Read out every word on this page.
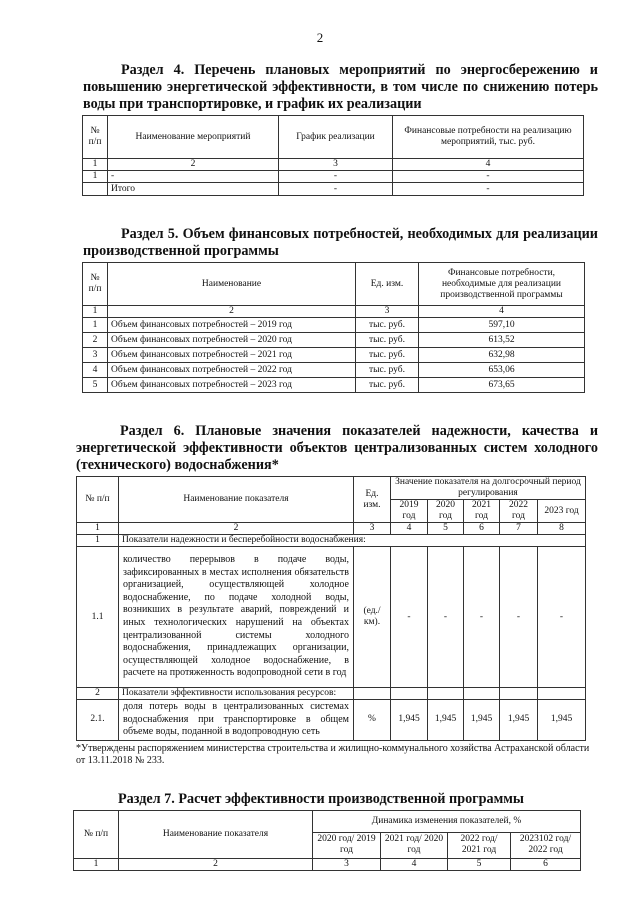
2
Раздел 4. Перечень плановых мероприятий по энергосбережению и повышению энергетической эффективности, в том числе по снижению потерь воды при транспортировке, и график их реализации
№ п/п	Наименование мероприятий	График реализации	Финансовые потребности на реализацию мероприятий, тыс. руб.
1	2	3	4
1	-	-	-
	Итого	-	-
Раздел 5. Объем финансовых потребностей, необходимых для реализации производственной программы
№ п/п	Наименование	Ед. изм.	Финансовые потребности, необходимые для реализации производственной программы
1	2	3	4
1	Объем финансовых потребностей – 2019 год	тыс. руб.	597,10
2	Объем финансовых потребностей – 2020 год	тыс. руб.	613,52
3	Объем финансовых потребностей – 2021 год	тыс. руб.	632,98
4	Объем финансовых потребностей – 2022 год	тыс. руб.	653,06
5	Объем финансовых потребностей – 2023 год	тыс. руб.	673,65
Раздел 6. Плановые значения показателей надежности, качества и энергетической эффективности объектов централизованных систем холодного (технического) водоснабжения*
№ п/п	Наименование показателя	Ед. изм.	Значение показателя на долгосрочный период регулирования				
			2019 год	2020 год	2021 год	2022 год	2023 год
1	2	3	4	5	6	7	8
1	Показатели надежности и бесперебойности водоснабжения:						
1.1	количество перерывов в подаче воды, зафиксированных в местах исполнения обязательств организацией, осуществляющей холодное водоснабжение, по подаче холодной воды, возникших в результате аварий, повреждений и иных технологических нарушений на объектах централизованной системы холодного водоснабжения, принадлежащих организации, осуществляющей холодное водоснабжение, в расчете на протяженность водопроводной сети в год	(ед./ км).	-	-	-	-	-
2	Показатели эффективности использования ресурсов:						
2.1.	доля потерь воды в централизованных системах водоснабжения при транспортировке в общем объеме воды, поданной в водопроводную сеть	%	1,945	1,945	1,945	1,945	1,945
*Утверждены распоряжением министерства строительства и жилищно-коммунального хозяйства Астраханской области от 13.11.2018 № 233.
Раздел 7. Расчет эффективности производственной программы
№ п/п	Наименование показателя	Динамика изменения показателей, %			
		2020 год/ 2019 год	2021 год/ 2020 год	2022 год/ 2021 год	2023102 год/ 2022 год
1	2	3	4	5	6
